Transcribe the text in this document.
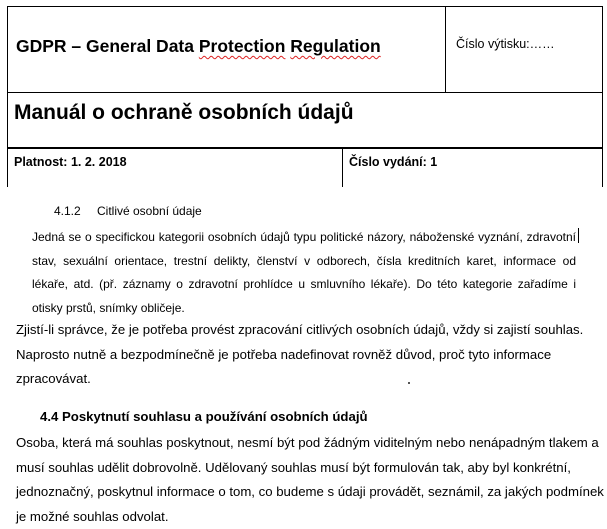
GDPR – General Data Protection Regulation	Číslo výtisku:……
Manuál o ochraně osobních údajů
Platnost: 1. 2. 2018	Číslo vydání: 1
4.1.2 Citlivé osobní údaje
Jedná se o specifickou kategorii osobních údajů typu politické názory, náboženské vyznání, zdravotní
stav, sexuální orientace, trestní delikty, členství v odborech, čísla kreditních karet, informace od
lékaře, atd. (př. záznamy o zdravotní prohlídce u smluvního lékaře). Do této kategorie zařadíme i
otisky prstů, snímky obličeje.
Zjistí-li správce, že je potřeba provést zpracování citlivých osobních údajů, vždy si zajistí souhlas.
Naprosto nutně a bezpodmínečně je potřeba nadefinovat rovněž důvod, proč tyto informace
zpracovávat.
4.4 Poskytnutí souhlasu a používání osobních údajů
Osoba, která má souhlas poskytnout, nesmí být pod žádným viditelným nebo nenápadným tlakem a
musí souhlas udělit dobrovolně. Udělovaný souhlas musí být formulován tak, aby byl konkrétní,
jednoznačný, poskytnul informace o tom, co budeme s údaji provádět, seznámil, za jakých podmínek
je možné souhlas odvolat.
